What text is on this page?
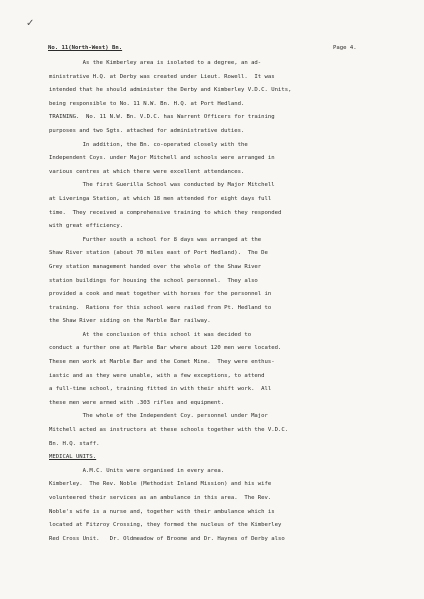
✓
No. 11(North-West) Bn.	Page 4.
As the Kimberley area is isolated to a degree, an ad-
ministrative H.Q. at Derby was created under Lieut. Rowell.  It was
intended that he should administer the Derby and Kimberley V.D.C. Units,
being responsible to No. 11 N.W. Bn. H.Q. at Port Hedland.
TRAINING.  No. 11 N.W. Bn. V.D.C. has Warrent Officers for training
purposes and two Sgts. attached for administrative duties.
In addition, the Bn. co-operated closely with the
Independent Coys. under Major Mitchell and schools were arranged in
various centres at which there were excellent attendances.
The first Guerilla School was conducted by Major Mitchell
at Liveringa Station, at which 18 men attended for eight days full
time.  They received a comprehensive training to which they responded
with great efficiency.
Further south a school for 8 days was arranged at the
Shaw River station (about 70 miles east of Port Hedland).  The De
Grey station management handed over the whole of the Shaw River
station buildings for housing the school personnel.  They also
provided a cook and meat together with horses for the personnel in
training.  Rations for this school were railed from Pt. Hedland to
the Shaw River siding on the Marble Bar railway.
At the conclusion of this school it was decided to
conduct a further one at Marble Bar where about 120 men were located.
These men work at Marble Bar and the Comet Mine.  They were enthus-
iastic and as they were unable, with a few exceptions, to attend
a full-time school, training fitted in with their shift work.  All
these men were armed with .303 rifles and equipment.
The whole of the Independent Coy. personnel under Major
Mitchell acted as instructors at these schools together with the V.D.C.
Bn. H.Q. staff.
MEDICAL UNITS.
A.M.C. Units were organised in every area.
Kimberley.  The Rev. Noble (Methodist Inland Mission) and his wife
volunteered their services as an ambulance in this area.  The Rev.
Noble's wife is a nurse and, together with their ambulance which is
located at Fitzroy Crossing, they formed the nucleus of the Kimberley
Red Cross Unit.   Dr. Oldmeadow of Broome and Dr. Haynes of Derby also
